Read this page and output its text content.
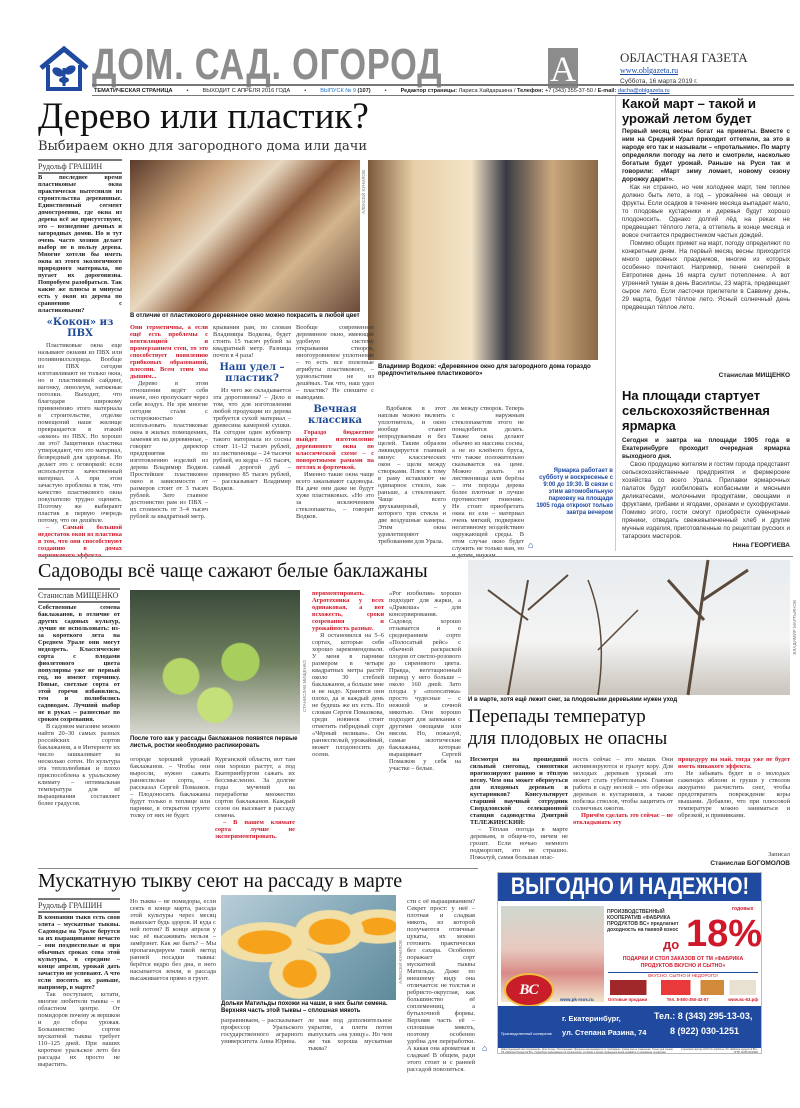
ДОМ. САД. ОГОРОД	А	ОБЛАСТНАЯ ГАЗЕТА
www.oblgazeta.ru
Суббота, 16 марта 2019 г.
ТЕМАТИЧЕСКАЯ СТРАНИЦА	•	ВЫХОДИТ С АПРЕЛЯ 2016 ГОДА	•	ВЫПУСК № 9 (107)	•	Редактор страницы: Лариса Хайдаршина / Телефон: +7 (343) 355-37-50 / E-mail: dacha@oblgazeta.ru
Дерево или пластик?
Выбираем окно для загородного дома или дачи
Рудольф ГРАШИН

В последнее время пластиковые окна практически вытеснили из строительства деревянные. Единственный сегмент домостроения, где окна из дерева всё же присутствуют, это – возведение дачных и загородных домов. Но и тут очень часто хозяин делает выбор не в пользу дерева. Многие хотели бы иметь окна из этого экологичного природного материала, но пугает их дороговизна. Попробуем разобраться. Так какие же плюсы и минусы есть у окон из дерева по сравнению с пластиковыми?

«Кокон» из ПВХ

Пластиковые окна еще называют окнами из ПВХ или поливинилхлорида. Вообще из ПВХ сегодня изготавливают не только окна, но и пластиковый сайдинг, вагонку, линолеум, натяжные потолки. Выходит, что благодаря широкому применению этого материала в строительстве, отделке помещений наше жилище превращается в этакий «кокон» из ПВХ. Но хорошо ли это? Защитники пластика утверждают, что это материал, безвредный для здоровья. Но делает это с оговоркой: если используется качественный материал. А при этом зачастую проблема в том, что качество пластикового окна покупателю трудно оценить. Поэтому же выбирают пластик в первую очередь потому, что он дешёвле.

– Самый большой недостаток окон из пластика в том, что они способствуют созданию в домах

В отличие от пластикового деревянное окно можно покрасить в любой цвет
АЛЕКСЕЙ КУНИЛОВ
Владимир Водков: «Деревянное окно для загородного дома гораздо предпочтительнее пластикового»

Они герметичны, а если ещё есть проблемы с вентиляцией и промерзанием стен, то это способствует появлению грибковых образований, плесени. Всем этим мы дышим...

Дерево в этом отношении ведёт себя иначе, оно пропускает через себя воздух. Не зря многие сегодня стали с осторожностью использовать пластиковые окна в жилых помещениях, заменяя их на деревянные, – говорит директор предприятия по изготовлению изделий из дерева Владимир Водков. Простейшее пластиковое окно в зависимости от размеров стоит от 3 тысяч рублей. Зато главное достоинство рам из ПВХ – их стоимость от 3–4 тысяч рублей за квадратный метр.

крывания рам, по словам Владимира Водкова, будет стоить 15 тысяч рублей за квадратный метр. Разница почти в 4 раза!

Наш удел – пластик?

Из чего же складывается эта дороговизна? – Дело в том, что для изготовления любой продукции из дерева требуется сухой материал – древесина камерной сушки. На сегодня один кубометр такого материала из сосны стоит 11–12 тысяч рублей, из лиственницы – 24 тысячи рублей, из кедра – 65 тысяч, самый дорогой дуб – примерно 85 тысяч рублей, – рассказывает Владимир Водков.

Вообще современное деревянное окно, имеющее удобную систему открывания створок, многоуровневое уплотнение – то есть все полезные атрибуты пластикового, – удовольствие не из дешёвых. Так что, наш удел – пластик? Не спешите с выводами.

Вечная классика

Гораздо бюджетнее выйдет изготовление деревянного окна по классической схеме – с поворотными рамами на петлях и форточкой.

Именно такие окна чаще всего заказывают садоводы. На даче они даже не будут хуже пластиковых. «Но это за исключением стеклопакета», – говорит Водков.

Вдобавок в этот наплыв можно вклеить уплотнитель, и окно вообще станет непродуваемым и без щелей. Таким образом ликвидируется главный минус классических окон – щели между створками. Плюс к тому в раму вставляют не одинарное стекло, как раньше, а стеклопакет. Чаще всего двухкамерный, у которого три стекла и две воздушные камеры. Этим окна удовлетворяют требованиям для Урала.

ли между створок. Теперь с наружным стеклопакетом этого не понадобится делать. Также окна делают обычно из массива сосны, а не из клеёного бруса, что также положительно сказывается на цене. Можно делать из лиственницы или берёзы – эти породы дерева более плотные и лучше противостоят гниению. Не стоит приобретать окна из ели – материал очень мягкий, подвержен негативному воздействию окружающей среды. В этом случае окно будет служить не только вам, но ⌂
Ярмарка работает в субботу и воскресенье с 9:00 до 19:30. В связи с этим автомобильную парковку на площади 1905 года откроют только завтра вечером
Какой март – такой и урожай летом будет

Первый месяц весны богат на приметы. Вместе с ним на Средний Урал приходит оттепели, за это в народе его так и называли – «протальник». По марту определяли погоду на лето и смотрели, насколько богатым будет урожай. Раньше на Руси так и говорили: «Март зиму ломает, новому сезону дорожку дарит».

Как ни странно, но чем холоднее март, тем теплее должно быть лето, а год – урожайнее на овощи и фрукты. Если осадков в течение месяца выпадает мало, то плодовые кустарники и деревья будут хорошо плодоносить. Однако долгий лёд на реках не предвещает тёплого лета, а оттепель в конце месяца и вовсе считается предвестником частых дождей.

Помимо общих примет на март, погоду определяют по конкретным дням. На первый месяц весны приходится много церковных праздников, многие из которых особенно почитают. Например, пение снегирей в Евтропиев день 16 марта сулит потепление. А вот утренний туман в день Василисы, 23 марта, предвещает сырое лето. Если ласточки прилетели в Саввину день, 29 марта, будет тёплое лето. Ясный солнечный день предвещал тёплое лето.

Станислав МИЩЕНКО
На площади стартует сельскохозяйственная ярмарка

Сегодня и завтра на площади 1905 года в Екатеринбурге проходит очередная ярмарка выходного дня.

Свою продукцию жителям и гостям города представят сельскохозяйственные предприятия и фермерские хозяйства со всего Урала. Прилавки ярмарочных палаток будут изобиловать колбасными и мясными деликатесами, молочными продуктами, овощами и фруктами, грибами и ягодами, орехами и сухофруктами. Помимо этого, гости смогут приобрести сувенирные пряники, отведать свежевыпеченный хлеб и другие мучные изделия, приготовленные по рецептам русских и татарских мастеров.

Нина ГЕОРГИЕВА
Садоводы всё чаще сажают белые баклажаны
Станислав МИЩЕНКО

Собственные семена баклажанов, в отличие от других садовых культур, лучше не использовать: из-за короткого лета на Среднем Урале они могут недозреть. Классические сорта с плодами фиолетового цвета популярны уже не первый год, но имеют горчинку. Новые, светлые сорта от этой горечи избавились, тем и полюбились садоводам. Лучший выбор не в руках – разнесные по сроком созревания.

В садовом магазине можно найти 20–30 самых разных российских сортов баклажанов, а в Интернете их число зашкаливает за несколько сотен. Но культура эта теплолюбивая и плохо приспособлена к уральскому климату – оптимальная температура для её выращивания составляет более градусов.

СТАНИСЛАВ МИЩЕНКО
После того как у рассады баклажанов появятся первые листья, ростки необходимо распикировать

огороде хороший урожай баклажанов. – Чтобы они выросли, нужно сажать раннеспелые сорта, – рассказал Сергей Помазков. – Плодоносить баклажаны будут только в теплице или парнике, в открытом грунте толку от них не будет.

Курганской области, вот там они хорошо растут, а под Екатеринбургом сажать их бессмысленно. За долгие годы мучений на переработке множество сортов баклажанов. Каждый сезон он высевает в рассаду семена.

– В нашем климате сорта лучше не экспериментировать.

периментировать. Агротехника у всех одинаковая, а вот всхожесть, сроки созревания и урожайность разные.

Я остановился на 5–6 сортах, которые себя хорошо зарекомендовали. У меня в парнике размером в четыре квадратных метра растёт около 30 стеблей баклажанов, а больше мне и не надо. Хранятся они плохо, да и каждый день не будешь же их есть. По словам Сергея Помазкова, среди новинок стоит отметить гибридный сорт «Чёрный великан». Он раннеспелый, урожайный, может плодоносить до осени.

«Рог изобилия» хорошо подходит для жарки, а «Дракоша» – для консервирования. Садовод хорошо отзывается и о среднеранним сорте «Полосатый рейс» с обычной раскраской плодов от светло-розового до сиреневого цвета. Правда, вегетационный период у него больше – около 160 дней. Зато плоды у «полосатика» просто чудесные – с нежной и сочной мякотью. Они хорошо подходят для запекания с другими овощами или мясом. Но, пожалуй, самые экзотические баклажаны, которые выращивает Сергей Помазков у себя на участке – белые.

ВЛАДИМИР МАРТЬЯНОВ
И в марте, хотя ещё лежит снег, за плодовыми деревьями нужен уход
Перепады температур
для плодовых не опасны

Несмотря на прошедший сильный снегопад, синоптики прогнозируют ранюю и тёплую весну. Чем она может обернуться для плодовых деревьев и кустарников? Консультирует старший научный сотрудник Свердловской селекционной станции садоводства Дмитрий ТЕЛЕЖИНСКИЙ:

– Тёплая погода в марте деревьям, в общем-то, ничем не грозит. Если ночью немного подморозит, это не страшно. Пожалуй, самая большая опас-

ность сейчас – это мыши. Они активизируются и грызут кору. Для молодых деревьев урожай это может стать губительным. Главная работа в саду весной – это обрезка деревьев и кустарников, а также побелка стволов, чтобы защитить от солнечных ожогов.

Причём сделать это сейчас – не откладывать эту

процедуру на май, тогда уже не будет иметь никакого эффекта.

Не забывать будет и о молодых саженцах яблони и груши у стволов аккуратно расчистить снег, чтобы предотвратить повреждение коры мышами. Добавлю, что при плюсовой температуре можно заниматься и обрезкой, и прививками.

Записал
Станислав БОГОМОЛОВ
Мускатную тыкву сеют на рассаду в марте
Рудольф ГРАШИН

В компании тыкв есть своя элита – мускатные тыквы. Садоводы на Урале берутся за их выращивание нечасто – они позднеспелые и при обычных сроках сева этой культуры, в середине – конце апреля, урожай дать зачастую не успевают. А что если посеять их раньше, например, в марте?

Так поступают, кстати, многие любители тыквы – в областном центре. От помидоров почему ж вершков и до сбора урожая. Большинство сортов мускатной тыквы требует 110–125 дней. При наших короткое уральское лето без рассады их просто не вырастить.

Но тыква – не помидоры, если сеять в конце марта, рассада этой культуры через месяц вымахает будь здоров. И куда с ней потом? В конце апреля у нас её высаживать нельзя – замёрзнет. Как же быть? – Мы пропагандируем такой метод ранней посадки тыквы: берётся ведро без дна, в него насыпается земля, и рассада высаживается прямо в грунт.	АЛЕКСЕЙ КУНИЛОВ
Дольки Матильды похожи на чаши, в них были семена. Верхняя часть этой тыквы – сплошная мякоть

разравниваем, – рассказывает профессор Уральского государственного аграрного университета Анна Юрина.

ле мая под дополнительное укрытие, а плети потом выпускать «на улицу». Но чем же так хороша мускатная тыква?

сти с её выращиванием? Секрет прост: у неё – плотная и сладкая мякоть, из которой получаются отличные цукаты, их можно готовить практически без сахара. Особенно поражает сорт мускатной тыквы Матильда. Даже по внешнему виду она отличается: не толстая и ребристо-округлая, как большинство её соплеменниц, а бутылочной формы. Верхняя часть её – сплошная мякоть, поэтому особенно удобна для переработки. А какая она ароматная и сладкая! В общем, ради этого стоит и с ранней рассадой повозиться.

⌂
ВЫГОДНО И НАДЕЖНО!
ВС
ПРОИЗВОДСТВЕННЫЙ КООПЕРАТИВ «ФАБРИКА ПРОДУКТОВ ВС» предлагает доходность на паевой взнос
до 18%
годовых
ПОДАРКИ И СТОЛ ЗАКАЗОВ ОТ ТМ «ФАБРИКА ПРОДУКТОВ ВКУСНО И СЫТНО»
ВКУСНО, СЫТНО И НЕДОРОГО!
Оптовые продажи	Тел. 8-800-350-42-07	www.вс-63.рф
www.pk-rsos.ru
Производственный кооператив
г. Екатеринбург,
ул. Степана Разина, 74
Тел.: 8 (343) 295-13-03,
8 (922) 030-1251
Инвестиционный пай «Сохранный». Срок 12 мес. Пополняемый. Проценты выплачиваются по требованию. Сумма пая не ограничена. Только для членов ПК «Фабрика Продуктов ВС». Подробную информацию об организаторе, условиях и сроках проведения акции узнавайте по указанным телефонам.
Страховой партнёр ООО СК «Орбита». ПК «Фабрика продуктов ВС». ОГРН 1186313042882
